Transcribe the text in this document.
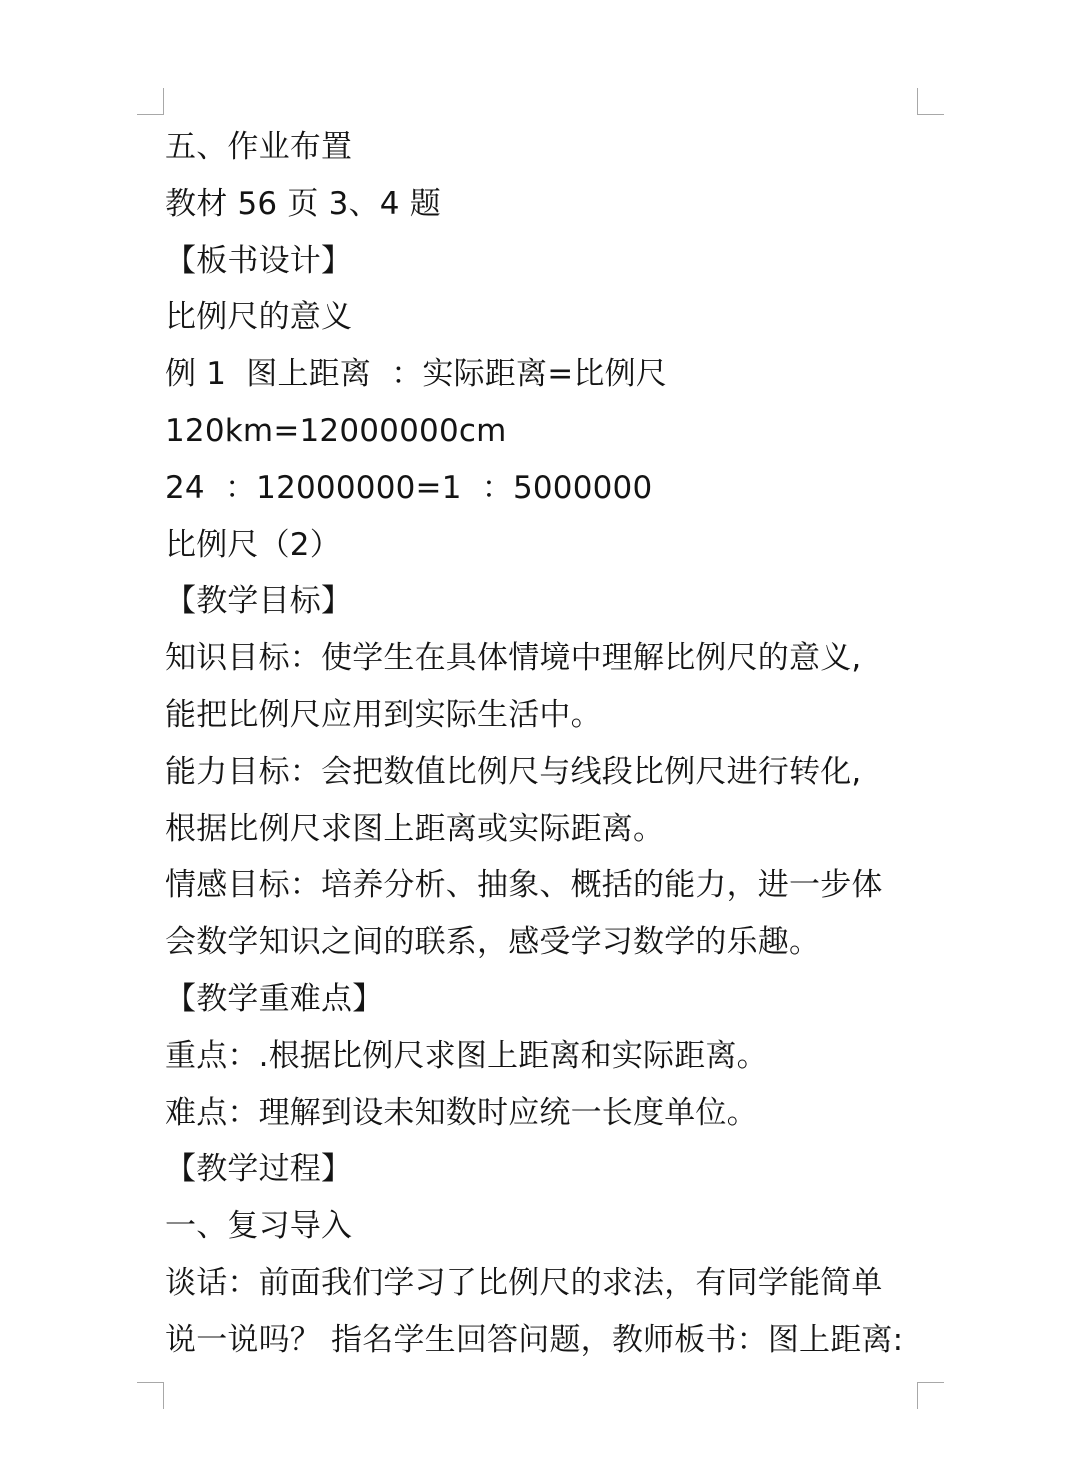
五、作业布置
教材 56 页 3、4 题
【板书设计】
比例尺的意义
例 1  图上距离  ：实际距离=比例尺
120km=12000000cm
24  ：12000000=1  ：5000000
比例尺（2）
【教学目标】
知识目标：使学生在具体情境中理解比例尺的意义,
能把比例尺应用到实际生活中。
能力目标：会把数值比例尺与线段比例尺进行转化,
根据比例尺求图上距离或实际距离。
情感目标：培养分析、抽象、概括的能力，进一步体
会数学知识之间的联系，感受学习数学的乐趣。
【教学重难点】
重点：.根据比例尺求图上距离和实际距离。
难点：理解到设未知数时应统一长度单位。
【教学过程】
一、复习导入
谈话：前面我们学习了比例尺的求法，有同学能简单
说一说吗？ 指名学生回答问题，教师板书：图上距离:
